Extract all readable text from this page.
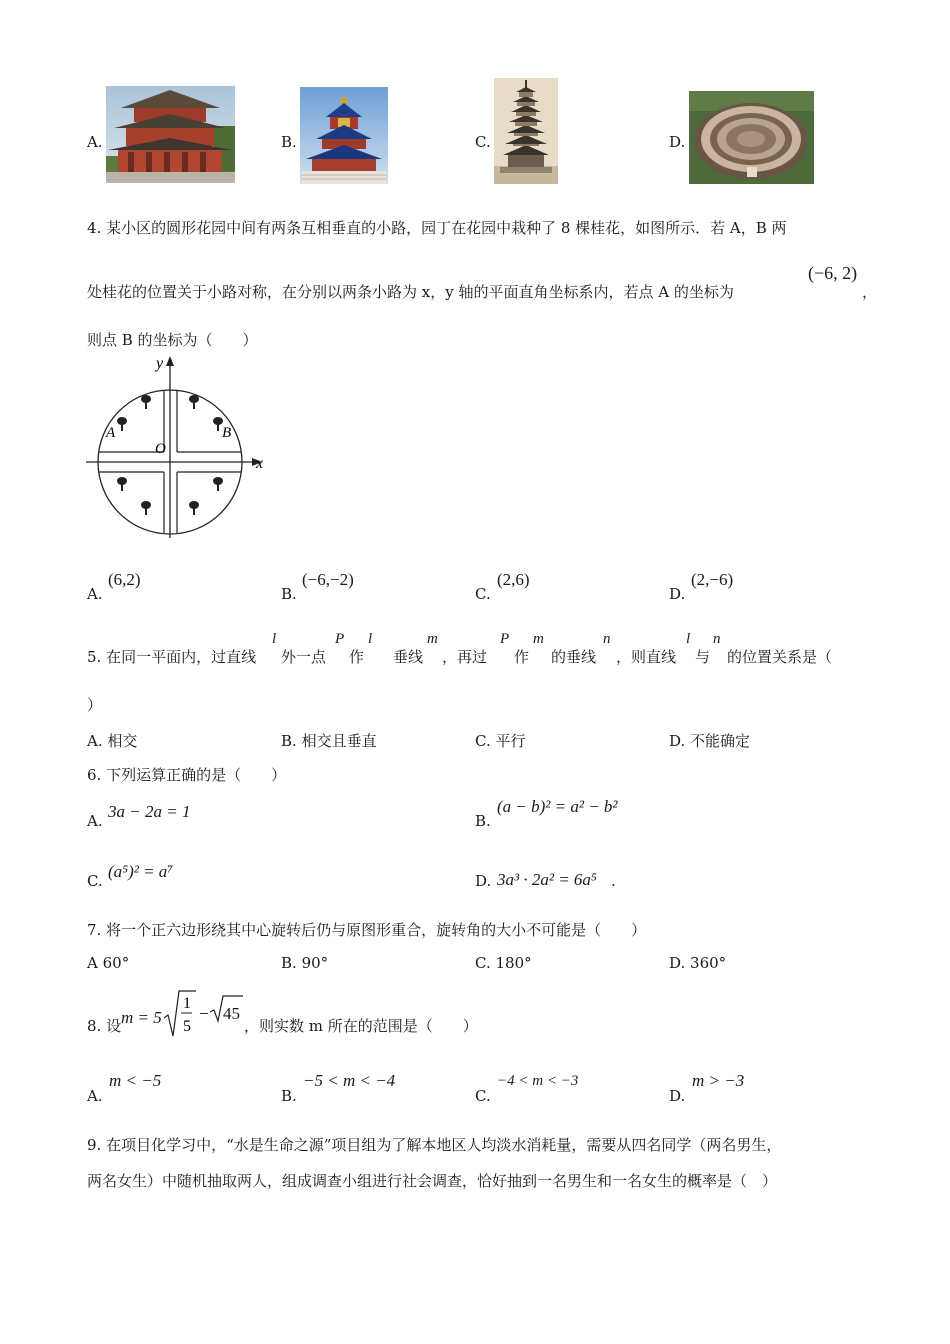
A.	B.	C.	D.
4. 某小区的圆形花园中间有两条互相垂直的小路，园丁在花园中栽种了 8 棵桂花，如图所示．若 A，B 两
处桂花的位置关于小路对称，在分别以两条小路为 x，y 轴的平面直角坐标系内，若点 A 的坐标为
(−6, 2)
，
则点 B 的坐标为（　　）
y
x
O
A	B
A.
(6,2)
B.
(−6,−2)
C.
(2,6)
D.
(2,−6)
5. 在同一平面内，过直线
l
外一点
P
作
l
垂线
m
，再过
P
作
m
的垂线
n
，则直线
l
与
n
的位置关系是（
）
A. 相交	B. 相交且垂直	C. 平行	D. 不能确定
6. 下列运算正确的是（　　）
A. 3a − 2a = 1	B.
(a − b)² = a² − b²
C. (a⁵)² = a⁷	D. 3a³ · 2a² = 6a⁵ .
7. 将一个正六边形绕其中心旋转后仍与原图形重合，旋转角的大小不可能是（　　）
A 60°	B. 90°	C. 180°	D. 360°
8. 设 m = 5
1
5
− 45
，则实数 m 所在的范围是（　　）
A.
m < −5
B.
−5 < m < −4
C.
−4 < m < −3
D.
m > −3
9. 在项目化学习中，“水是生命之源”项目组为了解本地区人均淡水消耗量，需要从四名同学（两名男生，
两名女生）中随机抽取两人，组成调查小组进行社会调查，恰好抽到一名男生和一名女生的概率是（　）
